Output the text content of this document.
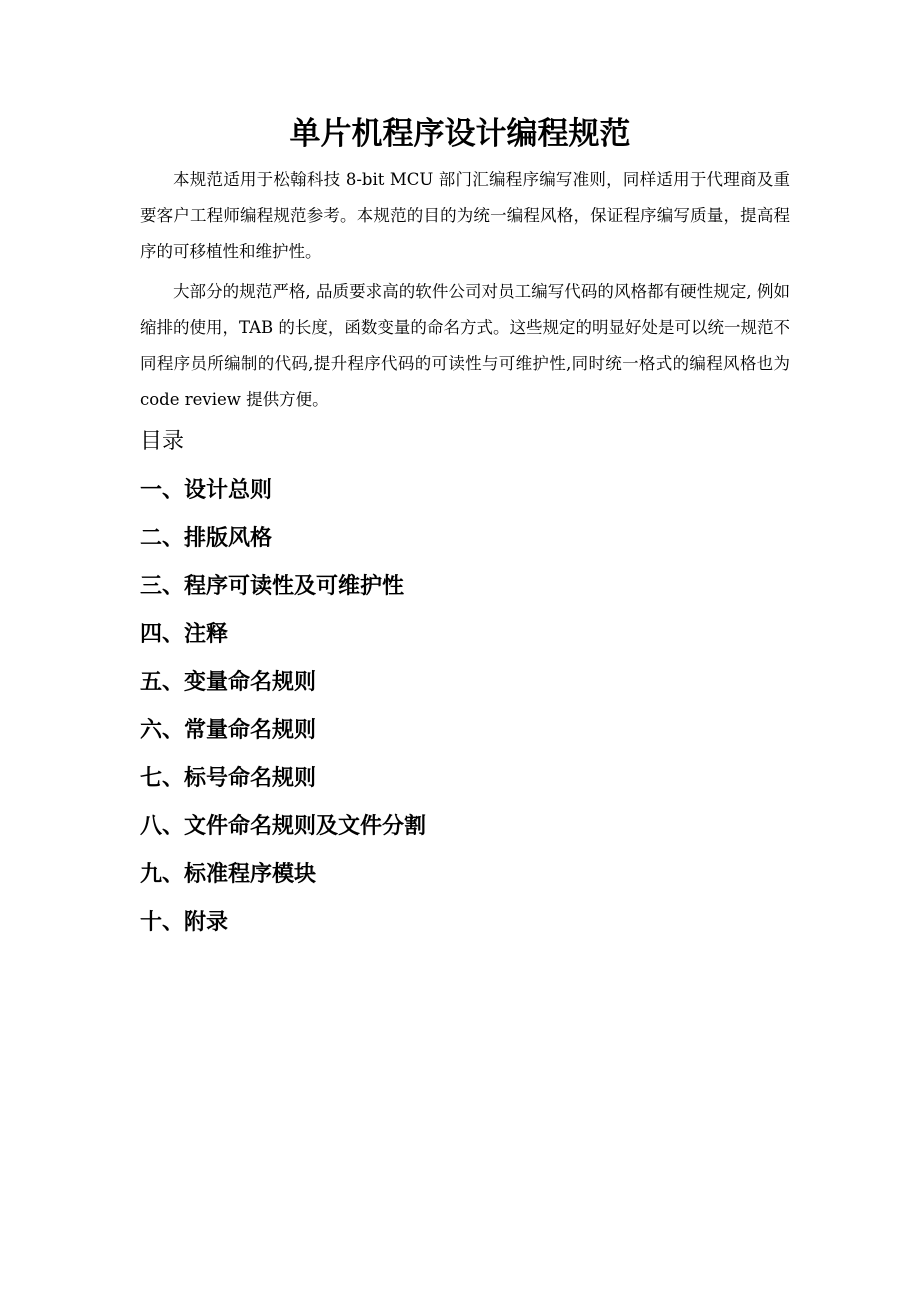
单片机程序设计编程规范

本规范适用于松翰科技 8-bit MCU 部门汇编程序编写准则，同样适用于代理商及重要客户工程师编程规范参考。本规范的目的为统一编程风格，保证程序编写质量，提高程序的可移植性和维护性。

大部分的规范严格, 品质要求高的软件公司对员工编写代码的风格都有硬性规定, 例如缩排的使用，TAB 的长度，函数变量的命名方式。这些规定的明显好处是可以统一规范不同程序员所编制的代码,提升程序代码的可读性与可维护性,同时统一格式的编程风格也为 code review 提供方便。

目录
一、设计总则
二、排版风格
三、程序可读性及可维护性
四、注释
五、变量命名规则
六、常量命名规则
七、标号命名规则
八、文件命名规则及文件分割
九、标准程序模块
十、附录
